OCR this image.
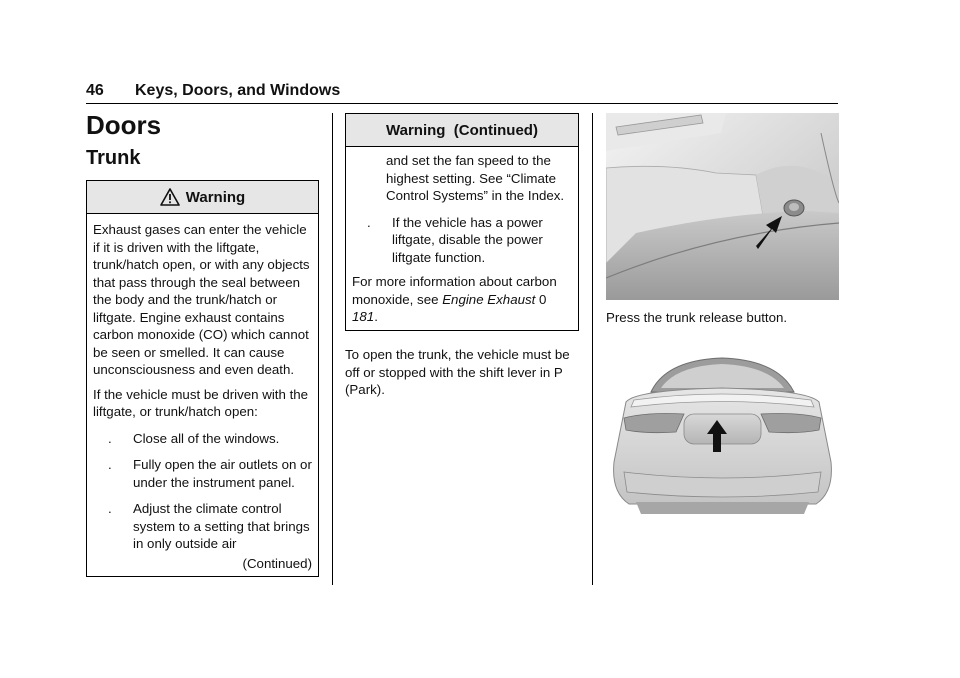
46 Keys, Doors, and Windows
Doors
Trunk
Warning

Exhaust gases can enter the vehicle if it is driven with the liftgate, trunk/hatch open, or with any objects that pass through the seal between the body and the trunk/hatch or liftgate. Engine exhaust contains carbon monoxide (CO) which cannot be seen or smelled. It can cause unconsciousness and even death.

If the vehicle must be driven with the liftgate, or trunk/hatch open:

. Close all of the windows.
. Fully open the air outlets on or under the instrument panel.
. Adjust the climate control system to a setting that brings in only outside air
(Continued)
Warning  (Continued)

and set the fan speed to the highest setting. See “Climate Control Systems” in the Index.

. If the vehicle has a power liftgate, disable the power liftgate function.

For more information about carbon monoxide, see Engine Exhaust 0 181.

To open the trunk, the vehicle must be off or stopped with the shift lever in P (Park).
Press the trunk release button.
